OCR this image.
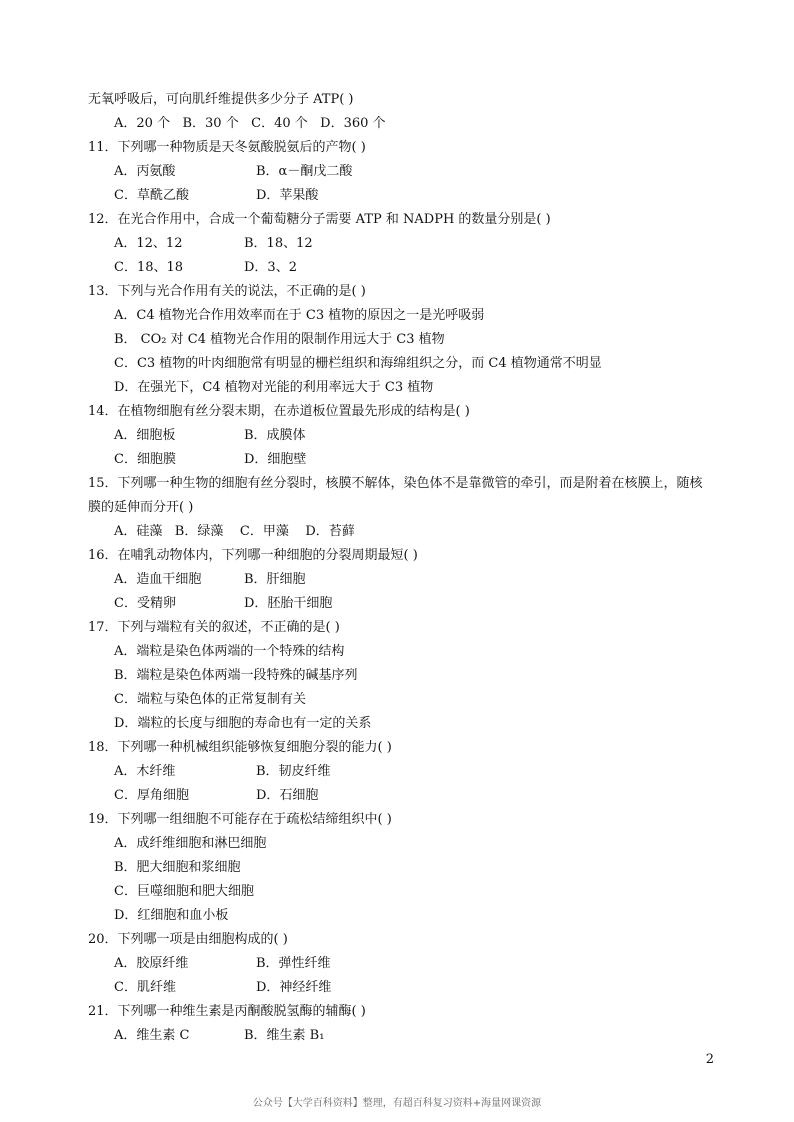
无氧呼吸后，可向肌纤维提供多少分子 ATP( )
A．20 个 B．30 个 C．40 个 D．360 个
11．下列哪一种物质是天冬氨酸脱氨后的产物( )
A．丙氨酸	B．α－酮戊二酸
C．草酰乙酸	D．苹果酸
12．在光合作用中，合成一个葡萄糖分子需要 ATP 和 NADPH 的数量分别是( )
A．12、12	B．18、12
C．18、18	D．3、2
13．下列与光合作用有关的说法，不正确的是( )
A．C4 植物光合作用效率而在于 C3 植物的原因之一是光呼吸弱
B． CO₂ 对 C4 植物光合作用的限制作用远大于 C3 植物
C．C3 植物的叶肉细胞常有明显的栅栏组织和海绵组织之分，而 C4 植物通常不明显
D．在强光下，C4 植物对光能的利用率远大于 C3 植物
14．在植物细胞有丝分裂末期，在赤道板位置最先形成的结构是( )
A．细胞板	B．成膜体
C．细胞膜	D．细胞壁
15．下列哪一种生物的细胞有丝分裂时，核膜不解体，染色体不是靠微管的牵引，而是附着在核膜上，随核膜的延伸而分开( )
A．硅藻 B．绿藻 C．甲藻 D．苔藓
16．在哺乳动物体内，下列哪一种细胞的分裂周期最短( )
A．造血干细胞	B．肝细胞
C．受精卵	D．胚胎干细胞
17．下列与端粒有关的叙述，不正确的是( )
A．端粒是染色体两端的一个特殊的结构
B．端粒是染色体两端一段特殊的碱基序列
C．端粒与染色体的正常复制有关
D．端粒的长度与细胞的寿命也有一定的关系
18．下列哪一种机械组织能够恢复细胞分裂的能力( )
A．木纤维	B．韧皮纤维
C．厚角细胞	D．石细胞
19．下列哪一组细胞不可能存在于疏松结缔组织中( )
A．成纤维细胞和淋巴细胞
B．肥大细胞和浆细胞
C．巨噬细胞和肥大细胞
D．红细胞和血小板
20．下列哪一项是由细胞构成的( )
A．胶原纤维	B．弹性纤维
C．肌纤维	D．神经纤维
21．下列哪一种维生素是丙酮酸脱氢酶的辅酶( )
A．维生素 C	B．维生素 B₁
2
公众号【大学百科资料】整理，有超百科复习资料+海量网课资源
